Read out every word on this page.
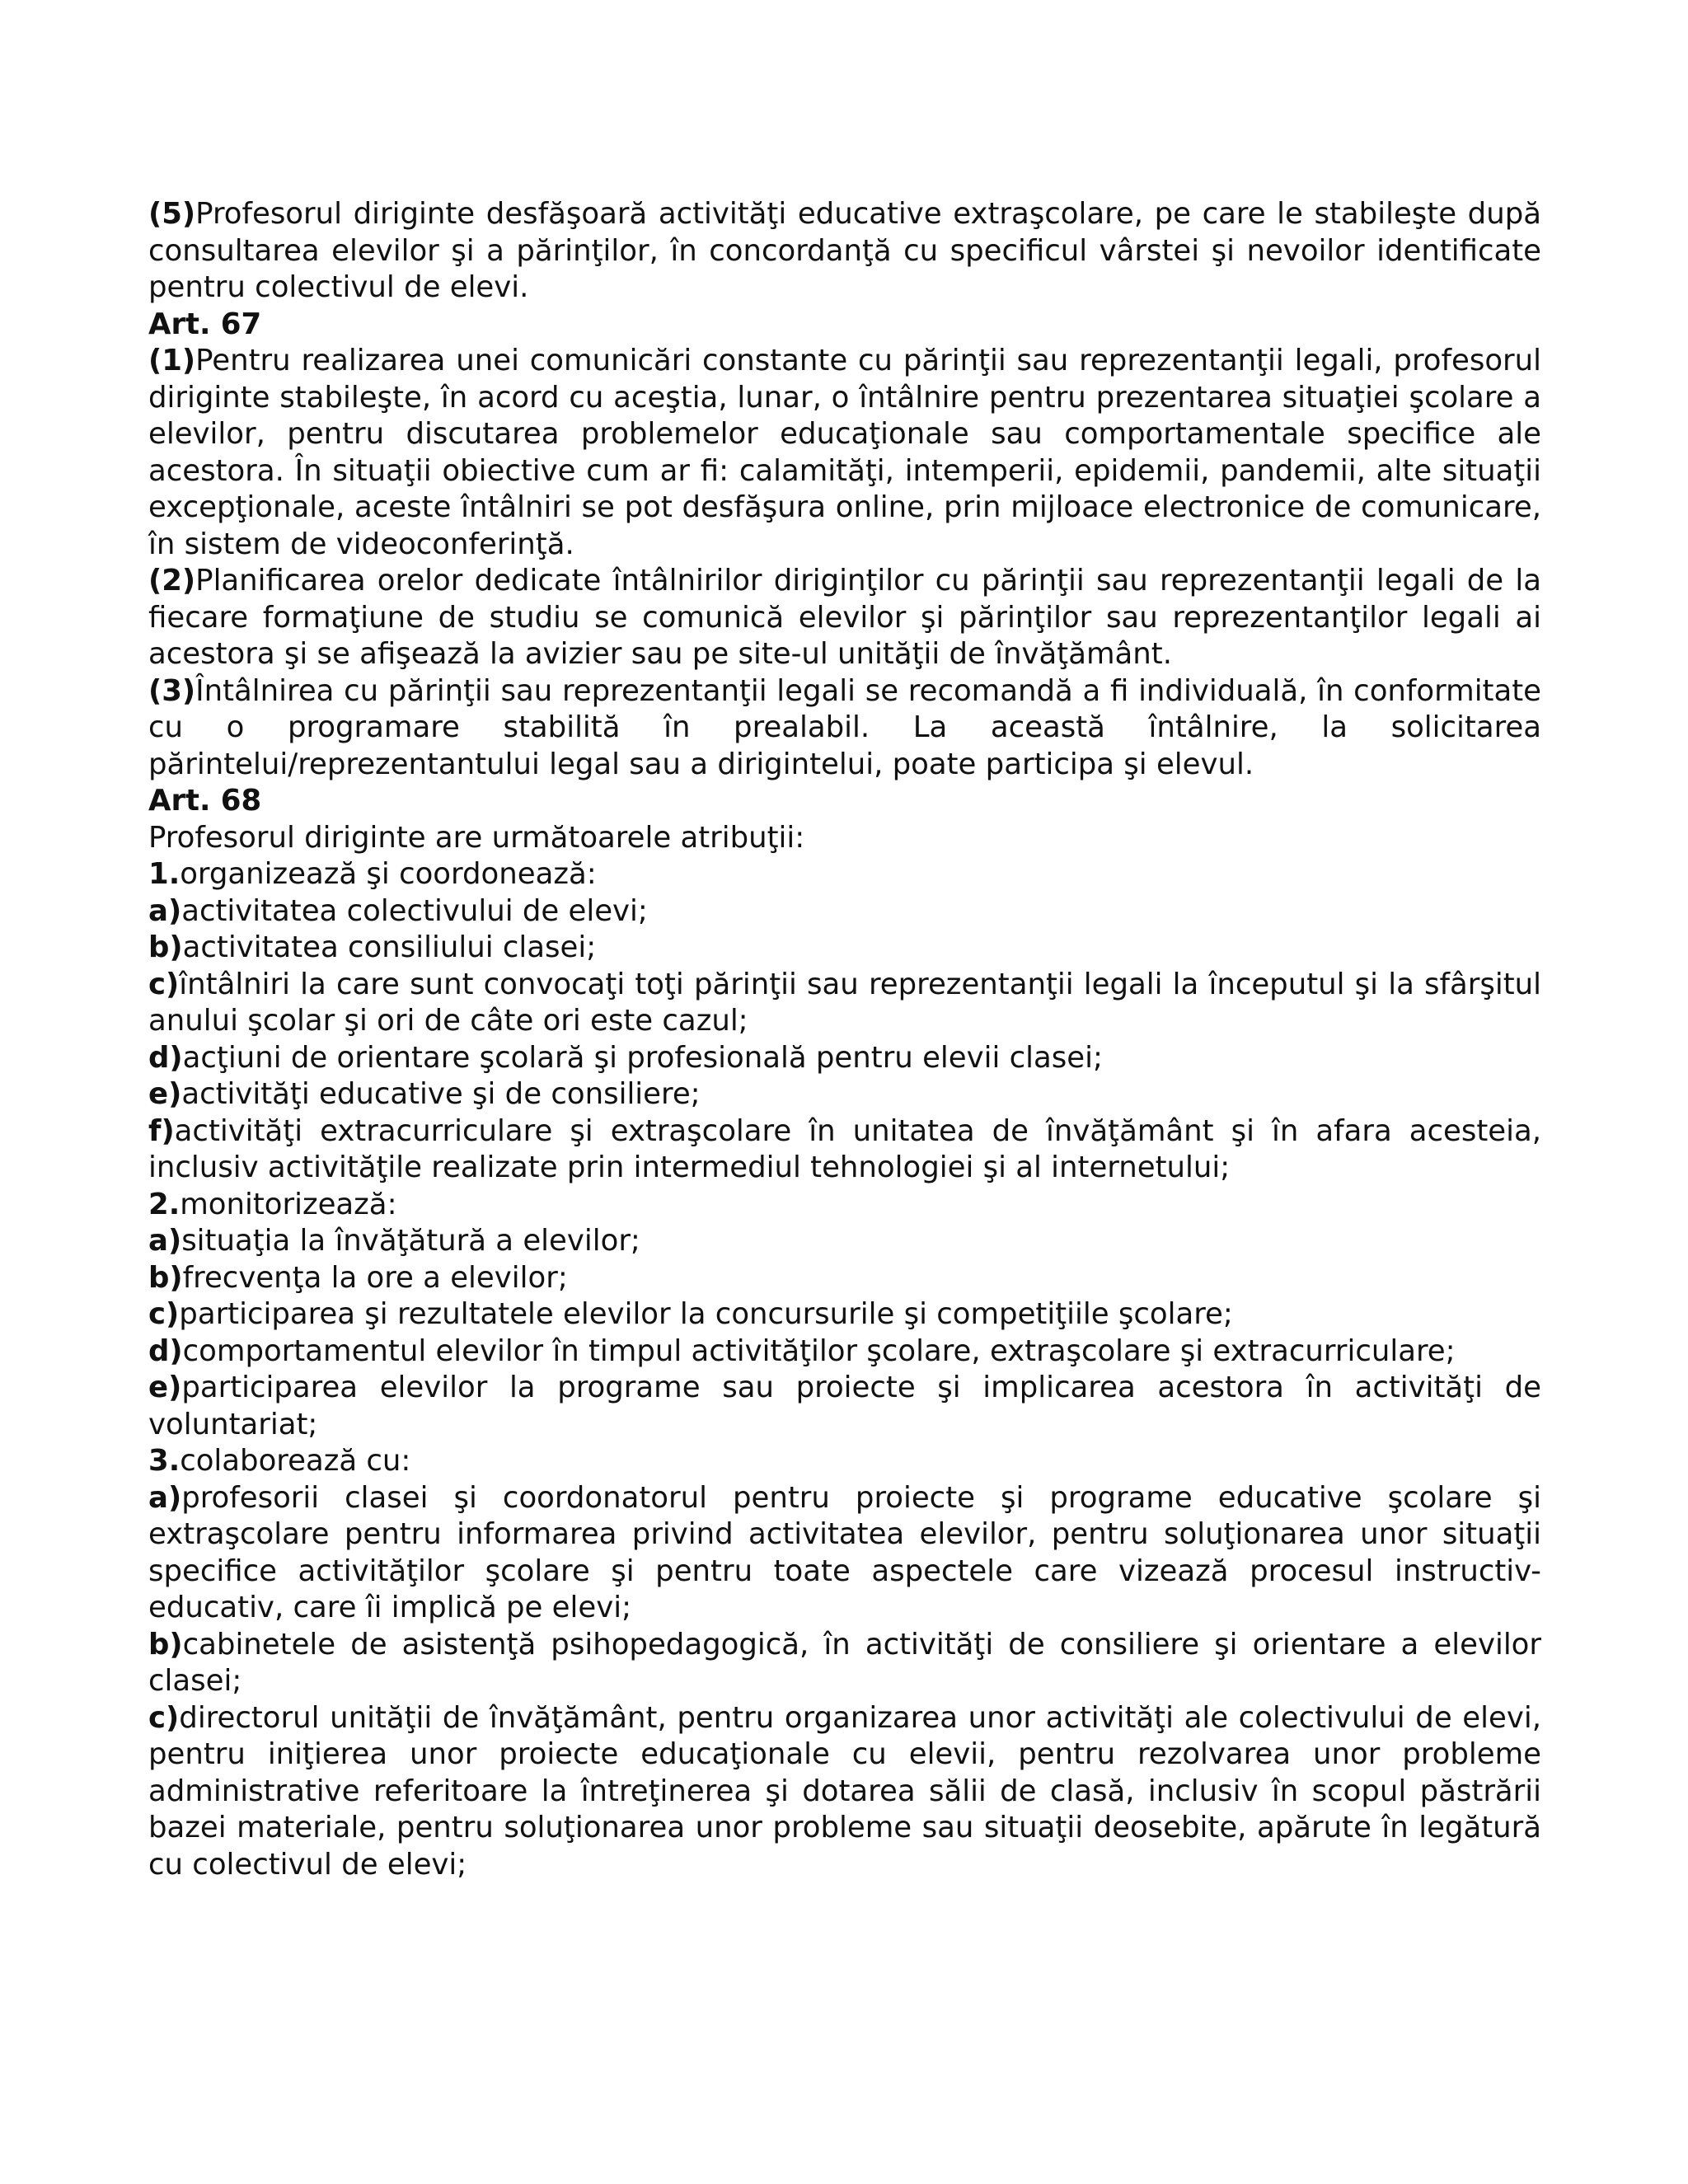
(5)Profesorul diriginte desfăşoară activităţi educative extraşcolare, pe care le stabileşte după consultarea elevilor şi a părinţilor, în concordanţă cu specificul vârstei şi nevoilor identificate pentru colectivul de elevi.

Art. 67

(1)Pentru realizarea unei comunicări constante cu părinţii sau reprezentanţii legali, profesorul diriginte stabileşte, în acord cu aceştia, lunar, o întâlnire pentru prezentarea situaţiei şcolare a elevilor, pentru discutarea problemelor educaţionale sau comportamentale specifice ale acestora. În situaţii obiective cum ar fi: calamităţi, intemperii, epidemii, pandemii, alte situaţii excepţionale, aceste întâlniri se pot desfăşura online, prin mijloace electronice de comunicare, în sistem de videoconferinţă.

(2)Planificarea orelor dedicate întâlnirilor diriginţilor cu părinţii sau reprezentanţii legali de la fiecare formaţiune de studiu se comunică elevilor şi părinţilor sau reprezentanţilor legali ai acestora şi se afişează la avizier sau pe site-ul unităţii de învăţământ.

(3)Întâlnirea cu părinţii sau reprezentanţii legali se recomandă a fi individuală, în conformitate cu o programare stabilită în prealabil. La această întâlnire, la solicitarea părintelui/reprezentantului legal sau a dirigintelui, poate participa şi elevul.

Art. 68

Profesorul diriginte are următoarele atribuţii:

1.organizează şi coordonează:

a)activitatea colectivului de elevi;

b)activitatea consiliului clasei;

c)întâlniri la care sunt convocaţi toţi părinţii sau reprezentanţii legali la începutul şi la sfârşitul anului şcolar şi ori de câte ori este cazul;

d)acţiuni de orientare şcolară şi profesională pentru elevii clasei;

e)activităţi educative şi de consiliere;

f)activităţi extracurriculare şi extraşcolare în unitatea de învăţământ şi în afara acesteia, inclusiv activităţile realizate prin intermediul tehnologiei şi al internetului;

2.monitorizează:

a)situaţia la învăţătură a elevilor;

b)frecvenţa la ore a elevilor;

c)participarea şi rezultatele elevilor la concursurile şi competiţiile şcolare;

d)comportamentul elevilor în timpul activităţilor şcolare, extraşcolare şi extracurriculare;

e)participarea elevilor la programe sau proiecte şi implicarea acestora în activităţi de voluntariat;

3.colaborează cu:

a)profesorii clasei şi coordonatorul pentru proiecte şi programe educative şcolare şi extraşcolare pentru informarea privind activitatea elevilor, pentru soluţionarea unor situaţii specifice activităţilor şcolare şi pentru toate aspectele care vizează procesul instructiv-educativ, care îi implică pe elevi;

b)cabinetele de asistenţă psihopedagogică, în activităţi de consiliere şi orientare a elevilor clasei;

c)directorul unităţii de învăţământ, pentru organizarea unor activităţi ale colectivului de elevi, pentru iniţierea unor proiecte educaţionale cu elevii, pentru rezolvarea unor probleme administrative referitoare la întreţinerea şi dotarea sălii de clasă, inclusiv în scopul păstrării bazei materiale, pentru soluţionarea unor probleme sau situaţii deosebite, apărute în legătură cu colectivul de elevi;
